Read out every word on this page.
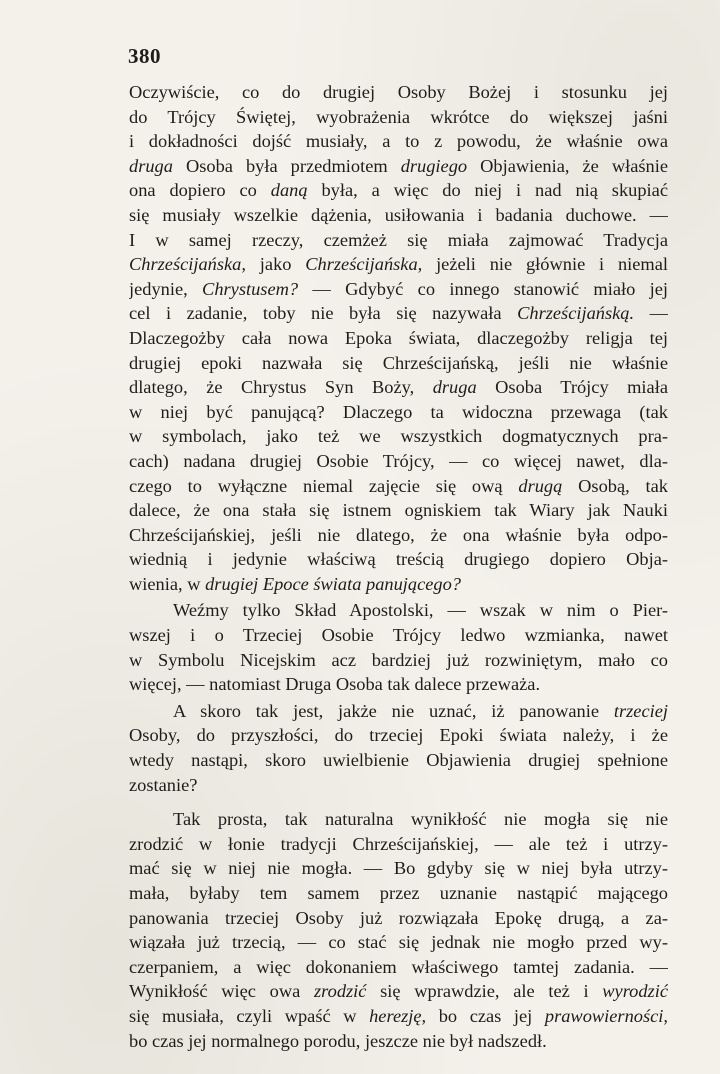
380
Oczywiście, co do drugiej Osoby Bożej i stosunku jej
do Trójcy Świętej, wyobrażenia wkrótce do większej jaśni
i dokładności dojść musiały, a to z powodu, że właśnie owa
druga Osoba była przedmiotem drugiego Objawienia, że właśnie
ona dopiero co daną była, a więc do niej i nad nią skupiać
się musiały wszelkie dążenia, usiłowania i badania duchowe. —
I w samej rzeczy, czemżeż się miała zajmować Tradycja
Chrześcijańska, jako Chrześcijańska, jeżeli nie głównie i niemal
jedynie, Chrystusem? — Gdybyć co innego stanowić miało jej
cel i zadanie, toby nie była się nazywała Chrześcijańską. —
Dlaczegożby cała nowa Epoka świata, dlaczegożby religja tej
drugiej epoki nazwała się Chrześcijańską, jeśli nie właśnie
dlatego, że Chrystus Syn Boży, druga Osoba Trójcy miała
w niej być panującą? Dlaczego ta widoczna przewaga (tak
w symbolach, jako też we wszystkich dogmatycznych pra-
cach) nadana drugiej Osobie Trójcy, — co więcej nawet, dla-
czego to wyłączne niemal zajęcie się ową drugą Osobą, tak
dalece, że ona stała się istnem ogniskiem tak Wiary jak Nauki
Chrześcijańskiej, jeśli nie dlatego, że ona właśnie była odpo-
wiednią i jedynie właściwą treścią drugiego dopiero Obja-
wienia, w drugiej Epoce świata panującego?
Weźmy tylko Skład Apostolski, — wszak w nim o Pier-
wszej i o Trzeciej Osobie Trójcy ledwo wzmianka, nawet
w Symbolu Nicejskim acz bardziej już rozwiniętym, mało co
więcej, — natomiast Druga Osoba tak dalece przeważa.
A skoro tak jest, jakże nie uznać, iż panowanie trzeciej
Osoby, do przyszłości, do trzeciej Epoki świata należy, i że
wtedy nastąpi, skoro uwielbienie Objawienia drugiej spełnione
zostanie?
Tak prosta, tak naturalna wynikłość nie mogła się nie
zrodzić w łonie tradycji Chrześcijańskiej, — ale też i utrzy-
mać się w niej nie mogła. — Bo gdyby się w niej była utrzy-
mała, byłaby tem samem przez uznanie nastąpić mającego
panowania trzeciej Osoby już rozwiązała Epokę drugą, a za-
wiązała już trzecią, — co stać się jednak nie mogło przed wy-
czerpaniem, a więc dokonaniem właściwego tamtej zadania. —
Wynikłość więc owa zrodzić się wprawdzie, ale też i wyrodzić
się musiała, czyli wpaść w herezję, bo czas jej prawowierności,
bo czas jej normalnego porodu, jeszcze nie był nadszedł.
